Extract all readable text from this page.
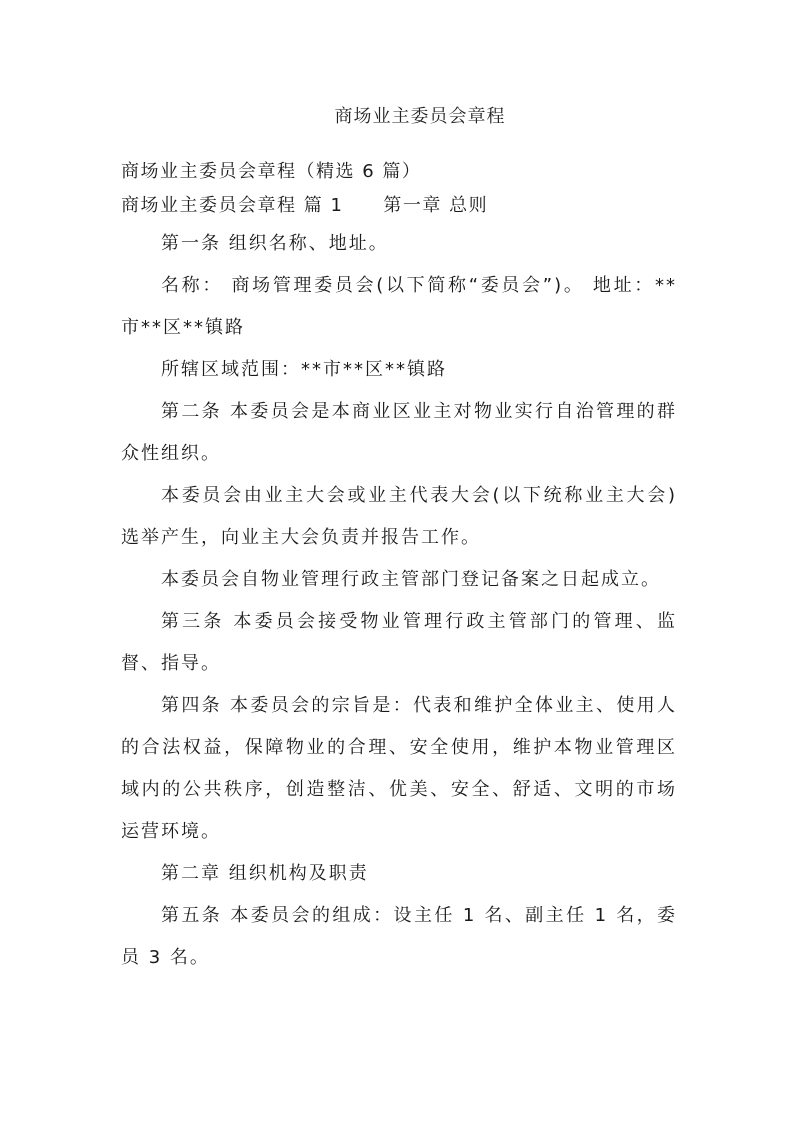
商场业主委员会章程
商场业主委员会章程（精选 6 篇）
商场业主委员会章程 篇 1 第一章 总则

第一条 组织名称、地址。

名称： 商场管理委员会(以下简称“委员会”)。 地址：**市**区**镇路

所辖区域范围：**市**区**镇路

第二条 本委员会是本商业区业主对物业实行自治管理的群众性组织。

本委员会由业主大会或业主代表大会(以下统称业主大会)选举产生，向业主大会负责并报告工作。

本委员会自物业管理行政主管部门登记备案之日起成立。

第三条 本委员会接受物业管理行政主管部门的管理、监督、指导。

第四条 本委员会的宗旨是：代表和维护全体业主、使用人的合法权益，保障物业的合理、安全使用，维护本物业管理区域内的公共秩序，创造整洁、优美、安全、舒适、文明的市场运营环境。

第二章 组织机构及职责

第五条 本委员会的组成：设主任 1 名、副主任 1 名，委员 3 名。
